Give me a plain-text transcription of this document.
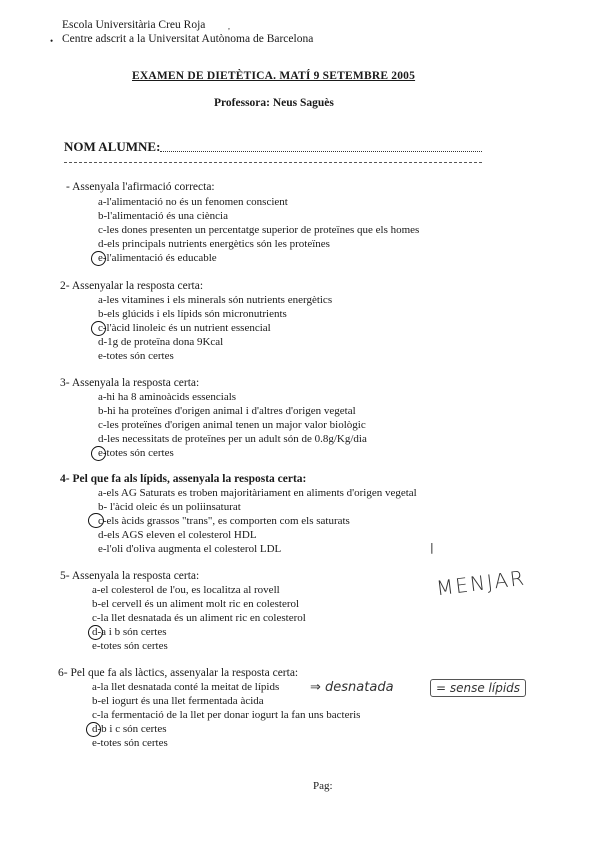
Escola Universitària Creu Roja
Centre adscrit a la Universitat Autònoma de Barcelona
•
,
EXAMEN DE DIETÈTICA. MATÍ 9 SETEMBRE 2005
Professora: Neus Saguès
NOM ALUMNE:
- Assenyala l'afirmació correcta:
a-l'alimentació no és un fenomen conscient
b-l'alimentació és una ciència
c-les dones presenten un percentatge superior de proteïnes que els homes
d-els principals nutrients energètics són les proteïnes
e-l'alimentació és educable
2- Assenyalar la resposta certa:
a-les vitamines i els minerals són nutrients energètics
b-els glúcids i els lípids són micronutrients
c-l'àcid linoleic és un nutrient essencial
d-1g de proteïna dona 9Kcal
e-totes són certes
3- Assenyala la resposta certa:
a-hi ha 8 aminoàcids essencials
b-hi ha proteïnes d'origen animal i d'altres d'origen vegetal
c-les proteïnes d'origen animal tenen un major valor biològic
d-les necessitats de proteïnes per un adult són de 0.8g/Kg/dia
e-totes són certes
4- Pel que fa als lípids, assenyala la resposta certa:
a-els AG Saturats es troben majoritàriament en aliments d'origen vegetal
b- l'àcid oleic és un poliinsaturat
c-els àcids grassos "trans", es comporten com els saturats
d-els AGS eleven el colesterol HDL
e-l'oli d'oliva augmenta el colesterol LDL	|
5- Assenyala la resposta certa:
a-el colesterol de l'ou, es localitza al rovell
b-el cervell és un aliment molt ric en colesterol
c-la llet desnatada és un aliment ric en colesterol
d-a i b són certes
e-totes són certes
MENJAR
6- Pel que fa als làctics, assenyalar la resposta certa:
a-la llet desnatada conté la meitat de lípids
b-el iogurt és una llet fermentada àcida
c-la fermentació de la llet per donar iogurt la fan uns bacteris
d-b i c són certes
e-totes són certes
⇒ desnatada	= sense lípids
Pag:
